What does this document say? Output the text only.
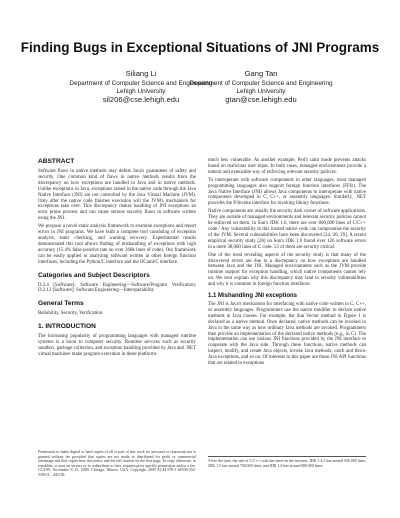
Finding Bugs in Exceptional Situations of JNI Programs
Siliang Li
Department of Computer Science and Engineering
Lehigh University
sil206@cse.lehigh.edu
Gang Tan
Department of Computer Science and Engineering
Lehigh University
gtan@cse.lehigh.edu
ABSTRACT

Software flaws in native methods may defeat Java's guarantees of safety and security. One common kind of flaws in native methods results from the discrepancy on how exceptions are handled in Java and in native methods. Unlike exceptions in Java, exceptions raised in the native code through the Java Native Interface (JNI) are not controlled by the Java Virtual Machine (JVM). Only after the native code finishes execution will the JVM's mechanism for exceptions take over. This discrepancy makes handling of JNI exceptions an error prone process and can cause serious security flaws in software written using the JNI.

We propose a novel static analysis framework to examine exceptions and report errors in JNI programs. We have built a complete tool consisting of exception analysis, static checking, and warning recovery. Experimental results demonstrated this tool allows finding of mishandling of exceptions with high accuracy (15.4% false-positive rate on over 260k lines of code). Our framework can be easily applied to analyzing software written in other foreign function interfaces, including the Python/C interface and the OCaml/C interface.

Categories and Subject Descriptors

D.2.4 [Software]: Software Engineering—Software/Program Verification; D.2.12 [Software]: Software Engineering—Interoperability

General Terms

Reliability, Security, Verification

1. INTRODUCTION

The increasing popularity of programming languages with managed runtime systems is a boon to computer security. Runtime services such as security sandbox, garbage collection, and exception handling provided by Java and .NET virtual machines make program execution in these platforms

Permission to make digital or hard copies of all or part of this work for personal or classroom use is granted without fee provided that copies are not made or distributed for profit or commercial advantage and that copies bear this notice and the full citation on the first page. To copy otherwise, to republish, to post on servers or to redistribute to lists, requires prior specific permission and/or a fee. CCS'09, November 9–13, 2009, Chicago, Illinois, USA. Copyright 2009 ACM 978-1-60558-352-5/09/11 ...$10.00.

much less vulnerable. As another example, Perl's taint mode prevents attacks based on malicious user input. In both cases, managed environments provide a natural and extensible way of enforcing relevant security policies.

To interoperate with software components in other languages, most managed programming languages also support foreign function interfaces (FFIs). The Java Native Interface (JNI) allows Java components to interoperate with native components developed in C, C++, or assembly languages. Similarly, .NET provides the P/Invoke interface for invoking library functions.

Native components are usually the security dark corner of software applications. They are outside of managed environments and relevant security policies cannot be enforced on them. In Sun's JDK 1.6, there are over 800,000 lines of C/C++ code.¹ Any vulnerability in this trusted native code can compromise the security of the JVM. Several vulnerabilities have been discovered [24, 20, 29]. A recent empirical security study [28] on Sun's JDK 1.6 found over 126 software errors in a mere 38,000 lines of C code. 53 of them are security critical.

One of the most revealing aspects of the security study is that many of the discovered errors are due to a discrepancy on how exceptions are handled between Java and the JNI. Managed environments such as the JVM provide runtime support for exception handling, which native components cannot rely on. We next explain why this discrepancy may lead to security vulnerabilities and why it is common in foreign function interfaces.

1.1 Mishandling JNI exceptions

The JNI is Java's mechanism for interfacing with native code written in C, C++, or assembly languages. Programmers use the native modifier to declare native methods in Java classes. For example, the Sun Vector method in Figure 1 is declared as a native method. Once declared, native methods can be invoked in Java in the same way as how ordinary Java methods are invoked. Programmers then provide an implementation of the declared native methods (e.g., in C). The implementation can use various JNI functions provided by the JNI interface to cooperate with the Java side. Through these functions, native methods can inspect, modify, and create Java objects, invoke Java methods, catch and throw Java exceptions, and so on. Of interests to this paper are those JNI API functions that are related to exceptions

¹Over the time, the size of C/C++ code has been on the increase. JDK 1.4.2 has around 500,000 lines. JDK 1.5 has around 700,000 lines; and JDK 1.6 has around 800,000 lines.
